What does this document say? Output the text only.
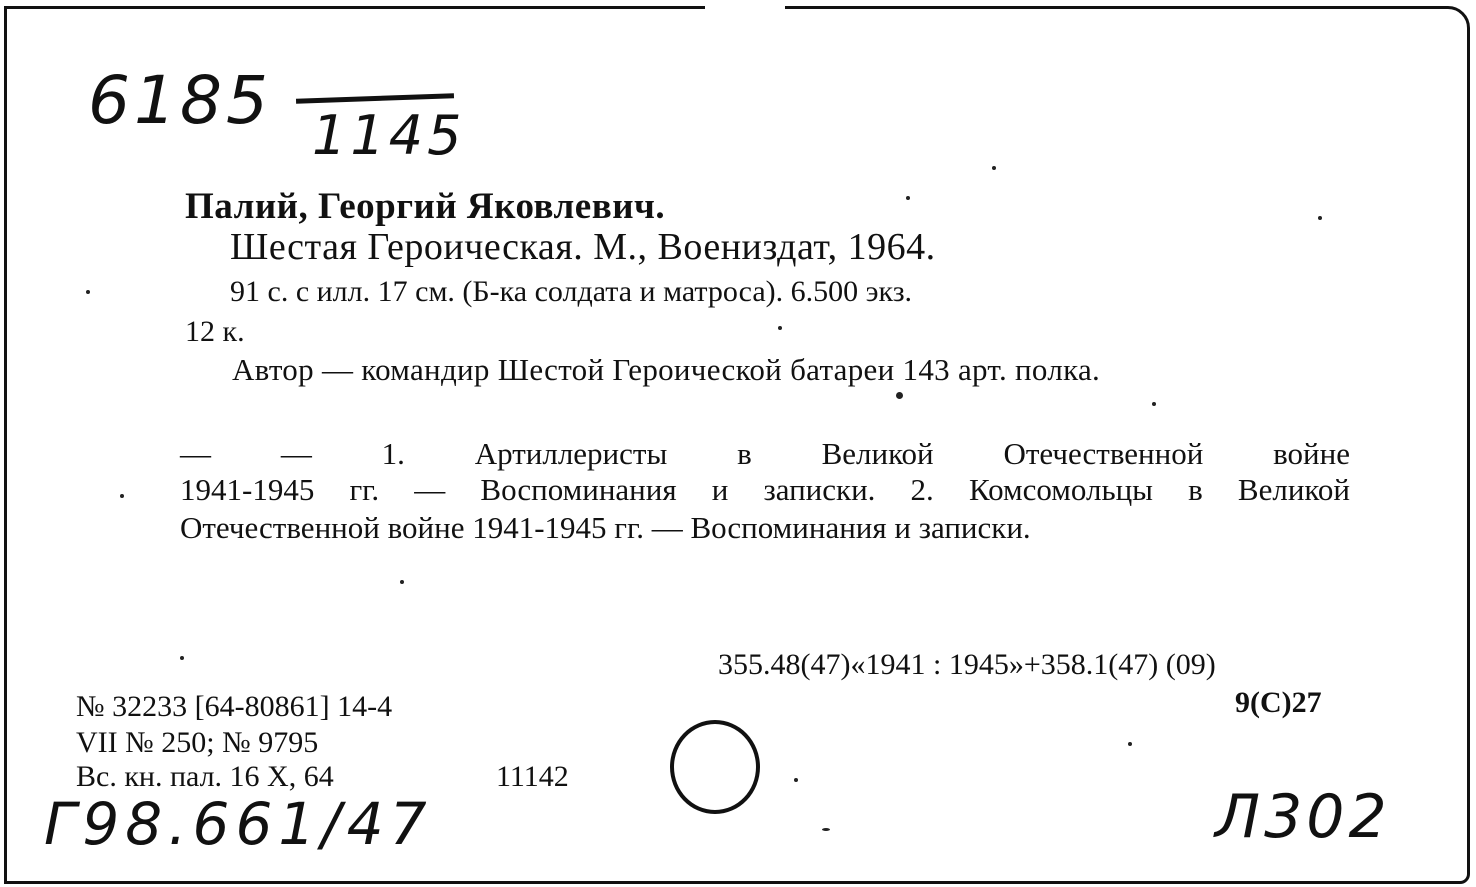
6185 1145
Палий, Георгий Яковлевич.
Шестая Героическая. М., Воениздат, 1964.
91 с. с илл. 17 см. (Б-ка солдата и матроса). 6.500 экз.
12 к.
Автор — командир Шестой Героической батареи 143 арт. полка.
— — 1. Артиллеристы в Великой Отечественной войне
1941-1945 гг. — Воспоминания и записки. 2. Комсомольцы в Великой
Отечественной войне 1941-1945 гг. — Воспоминания и записки.
355.48(47)«1941 : 1945»+358.1(47) (09)
9(С)27
№ 32233 [64-80861] 14-4
VII № 250; № 9795
Вс. кн. пал. 16 X, 64	11142
Г98.661/47	Л302
